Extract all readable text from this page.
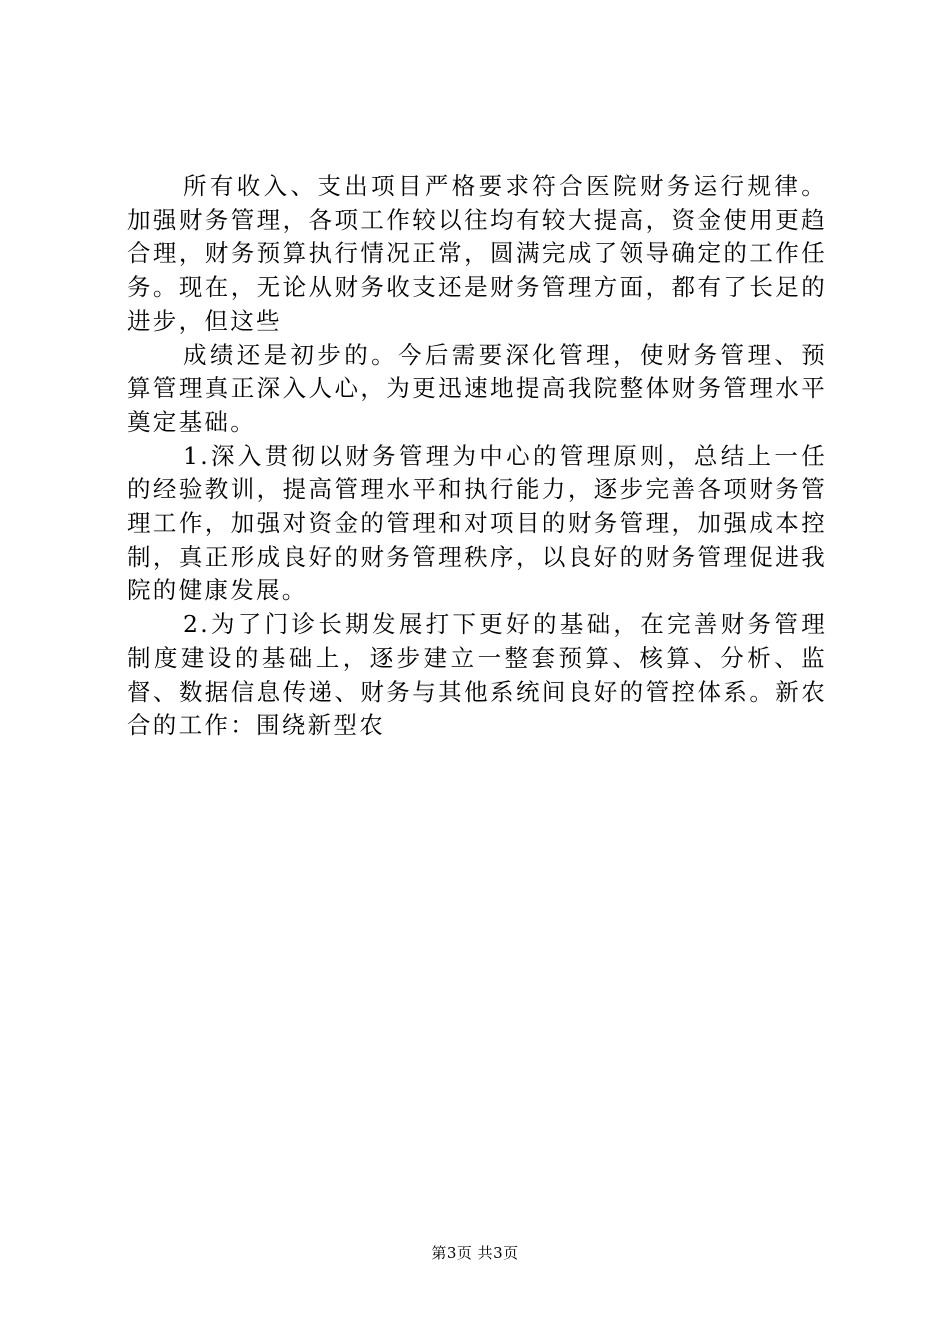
所有收入、支出项目严格要求符合医院财务运行规律。加强财务管理，各项工作较以往均有较大提高，资金使用更趋合理，财务预算执行情况正常，圆满完成了领导确定的工作任务。现在，无论从财务收支还是财务管理方面，都有了长足的进步，但这些

成绩还是初步的。今后需要深化管理，使财务管理、预算管理真正深入人心，为更迅速地提高我院整体财务管理水平奠定基础。

1.深入贯彻以财务管理为中心的管理原则，总结上一任的经验教训，提高管理水平和执行能力，逐步完善各项财务管理工作，加强对资金的管理和对项目的财务管理，加强成本控制，真正形成良好的财务管理秩序，以良好的财务管理促进我院的健康发展。

2.为了门诊长期发展打下更好的基础，在完善财务管理制度建设的基础上，逐步建立一整套预算、核算、分析、监督、数据信息传递、财务与其他系统间良好的管控体系。新农合的工作：围绕新型农

第3页 共3页
